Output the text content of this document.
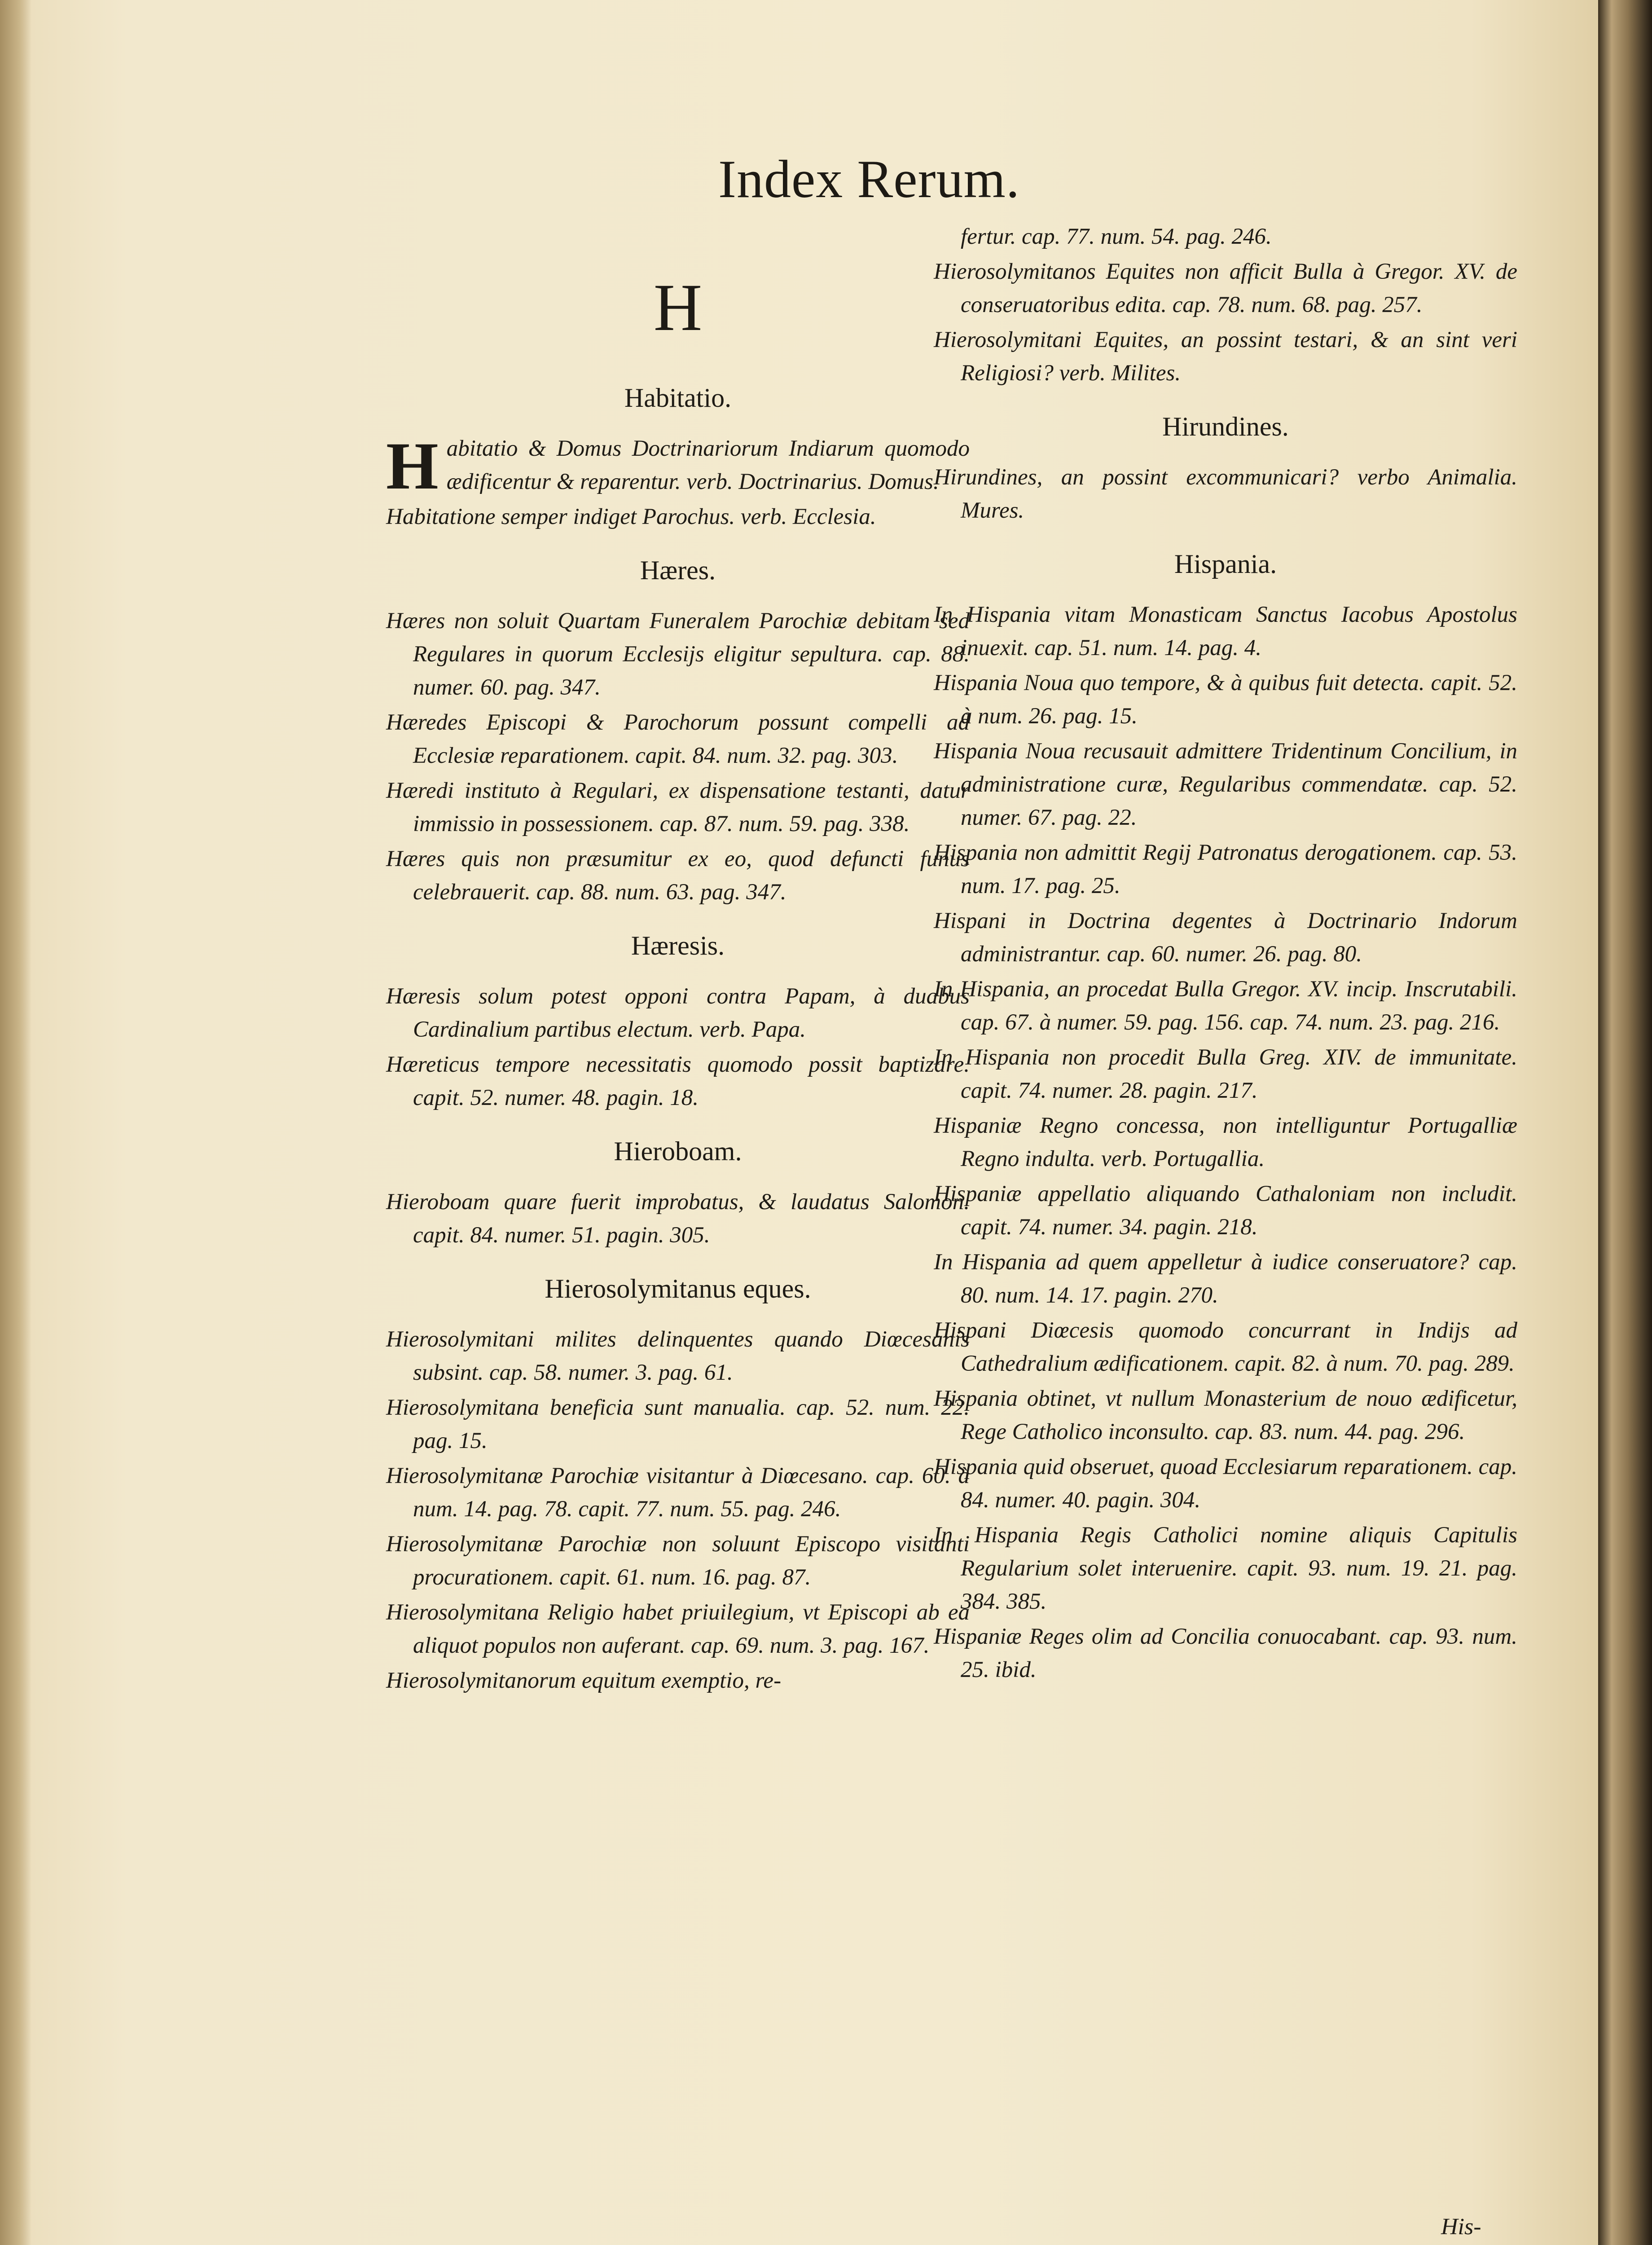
Index Rerum.
H
Habitatio.

Habitatio & Domus Doctrinariorum Indiarum quomodo ædificentur & reparentur. verb. Doctrinarius. Domus.

Habitatione semper indiget Parochus. verb. Ecclesia.

Hæres.

Hæres non soluit Quartam Funeralem Parochiæ debitam sed Regulares in quorum Ecclesijs eligitur sepultura. cap. 88. numer. 60. pag. 347.

Hæredes Episcopi & Parochorum possunt compelli ad Ecclesiæ reparationem. capit. 84. num. 32. pag. 303.

Hæredi instituto à Regulari, ex dispensatione testanti, datur immissio in possessionem. cap. 87. num. 59. pag. 338.

Hæres quis non præsumitur ex eo, quod defuncti funus celebrauerit. cap. 88. num. 63. pag. 347.

Hæresis.

Hæresis solum potest opponi contra Papam, à duabus Cardinalium partibus electum. verb. Papa.

Hæreticus tempore necessitatis quomodo possit baptizare. capit. 52. numer. 48. pagin. 18.

Hieroboam.

Hieroboam quare fuerit improbatus, & laudatus Salomon. capit. 84. numer. 51. pagin. 305.

Hierosolymitanus eques.

Hierosolymitani milites delinquentes quando Diœcesanis subsint. cap. 58. numer. 3. pag. 61.

Hierosolymitana beneficia sunt manualia. cap. 52. num. 22. pag. 15.

Hierosolymitanæ Parochiæ visitantur à Diœcesano. cap. 60. à num. 14. pag. 78. capit. 77. num. 55. pag. 246.

Hierosolymitanæ Parochiæ non soluunt Episcopo visitanti procurationem. capit. 61. num. 16. pag. 87.

Hierosolymitana Religio habet priuilegium, vt Episcopi ab ea aliquot populos non auferant. cap. 69. num. 3. pag. 167.

Hierosolymitanorum equitum exemptio, re-

fertur. cap. 77. num. 54. pag. 246.

Hierosolymitanos Equites non afficit Bulla à Gregor. XV. de conseruatoribus edita. cap. 78. num. 68. pag. 257.

Hierosolymitani Equites, an possint testari, & an sint veri Religiosi? verb. Milites.

Hirundines.

Hirundines, an possint excommunicari? verbo Animalia. Mures.

Hispania.

In Hispania vitam Monasticam Sanctus Iacobus Apostolus inuexit. cap. 51. num. 14. pag. 4.

Hispania Noua quo tempore, & à quibus fuit detecta. capit. 52. à num. 26. pag. 15.

Hispania Noua recusauit admittere Tridentinum Concilium, in administratione curæ, Regularibus commendatæ. cap. 52. numer. 67. pag. 22.

Hispania non admittit Regij Patronatus derogationem. cap. 53. num. 17. pag. 25.

Hispani in Doctrina degentes à Doctrinario Indorum administrantur. cap. 60. numer. 26. pag. 80.

In Hispania, an procedat Bulla Gregor. XV. incip. Inscrutabili. cap. 67. à numer. 59. pag. 156. cap. 74. num. 23. pag. 216.

In Hispania non procedit Bulla Greg. XIV. de immunitate. capit. 74. numer. 28. pagin. 217.

Hispaniæ Regno concessa, non intelliguntur Portugalliæ Regno indulta. verb. Portugallia.

Hispaniæ appellatio aliquando Cathaloniam non includit. capit. 74. numer. 34. pagin. 218.

In Hispania ad quem appelletur à iudice conseruatore? cap. 80. num. 14. 17. pagin. 270.

Hispani Diœcesis quomodo concurrant in Indijs ad Cathedralium ædificationem. capit. 82. à num. 70. pag. 289.

Hispania obtinet, vt nullum Monasterium de nouo ædificetur, Rege Catholico inconsulto. cap. 83. num. 44. pag. 296.

Hispania quid obseruet, quoad Ecclesiarum reparationem. cap. 84. numer. 40. pagin. 304.

In Hispania Regis Catholici nomine aliquis Capitulis Regularium solet interuenire. capit. 93. num. 19. 21. pag. 384. 385.

Hispaniæ Reges olim ad Concilia conuocabant. cap. 93. num. 25. ibid.

His-
